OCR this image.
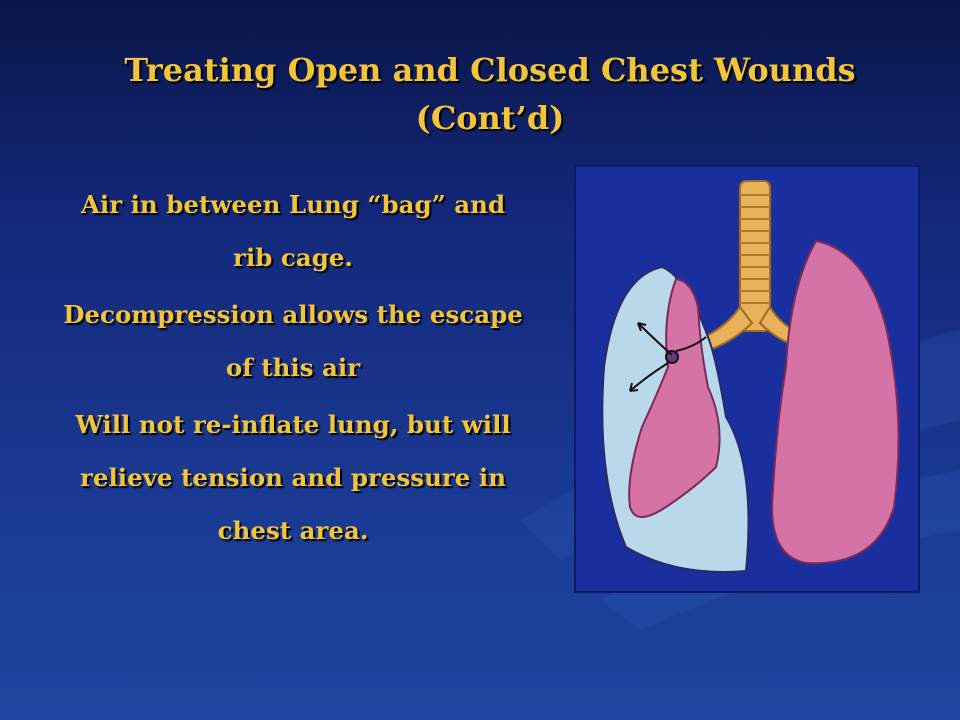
Treating Open and Closed Chest Wounds
(Cont’d)

Air in between Lung “bag” and rib cage.

Decompression allows the escape of this air

Will not re-inflate lung, but will relieve tension and pressure in chest area.
